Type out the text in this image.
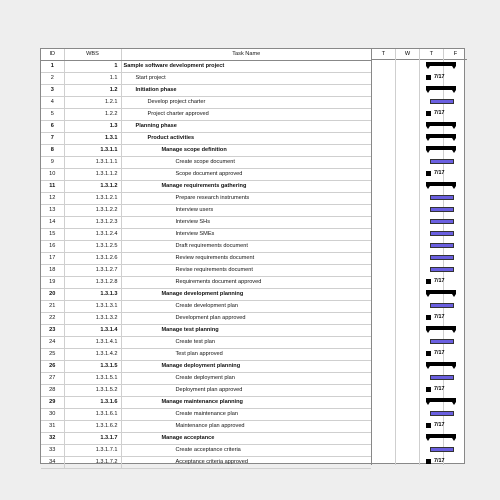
ID	WBS	Task Name
1	1	Sample software development project
2	1.1	Start project
3	1.2	Initiation phase
4	1.2.1	Develop project charter
5	1.2.2	Project charter approved
6	1.3	Planning phase
7	1.3.1	Product activities
8	1.3.1.1	Manage scope definition
9	1.3.1.1.1	Create scope document
10	1.3.1.1.2	Scope document approved
11	1.3.1.2	Manage requirements gathering
12	1.3.1.2.1	Prepare research instruments
13	1.3.1.2.2	Interview users
14	1.3.1.2.3	Interview SHs
15	1.3.1.2.4	Interview SMEs
16	1.3.1.2.5	Draft requirements document
17	1.3.1.2.6	Review requirements document
18	1.3.1.2.7	Revise requirements document
19	1.3.1.2.8	Requirements document approved
20	1.3.1.3	Manage development planning
21	1.3.1.3.1	Create development plan
22	1.3.1.3.2	Development plan approved
23	1.3.1.4	Manage test planning
24	1.3.1.4.1	Create test plan
25	1.3.1.4.2	Test plan approved
26	1.3.1.5	Manage deployment planning
27	1.3.1.5.1	Create deployment plan
28	1.3.1.5.2	Deployment plan approved
29	1.3.1.6	Manage maintenance planning
30	1.3.1.6.1	Create maintenance plan
31	1.3.1.6.2	Maintenance plan approved
32	1.3.1.7	Manage acceptance
33	1.3.1.7.1	Create acceptance criteria
34	1.3.1.7.2	Acceptance criteria approved
T	W	T	F
7/17
7/17
7/17
7/17
7/17
7/17
7/17
7/17
7/17
